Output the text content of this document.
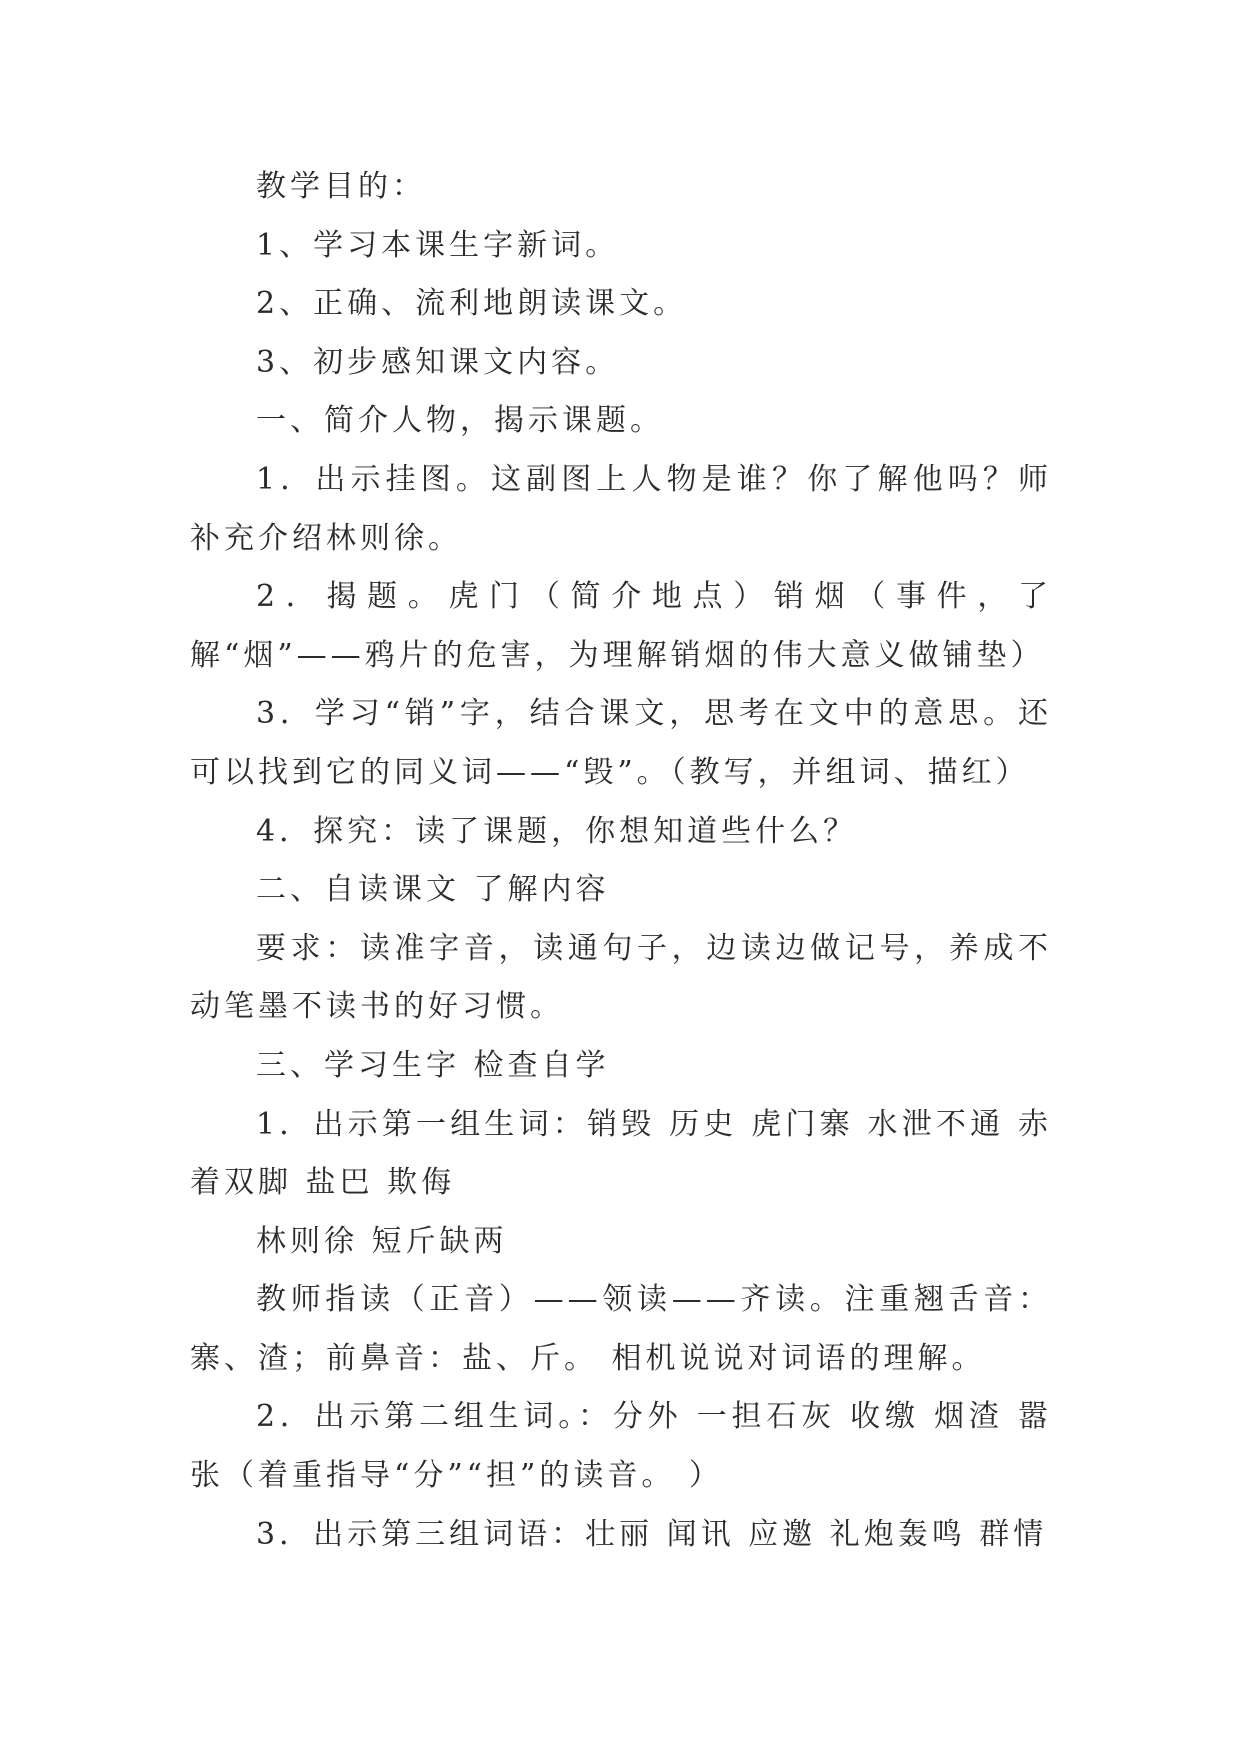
教学目的：

1、学习本课生字新词。

2、正确、流利地朗读课文。

3、初步感知课文内容。

一、简介人物，揭示课题。

1．出示挂图。这副图上人物是谁？你了解他吗？师补充介绍林则徐。

2．揭题。虎门（简介地点）销烟（事件，了解“烟”——鸦片的危害，为理解销烟的伟大意义做铺垫）

3．学习“销”字，结合课文，思考在文中的意思。还可以找到它的同义词——“毁”。（教写，并组词、描红）

4．探究：读了课题，你想知道些什么？

二、自读课文 了解内容

要求：读准字音，读通句子，边读边做记号，养成不动笔墨不读书的好习惯。

三、学习生字 检查自学

1．出示第一组生词：销毁 历史 虎门寨 水泄不通 赤着双脚 盐巴 欺侮

林则徐 短斤缺两

教师指读（正音）——领读——齐读。注重翘舌音：寨、渣；前鼻音：盐、斤。 相机说说对词语的理解。

2．出示第二组生词。：分外 一担石灰 收缴 烟渣 嚣张（着重指导“分”“担”的读音。 ）

3．出示第三组词语：壮丽 闻讯 应邀 礼炮轰鸣 群情
